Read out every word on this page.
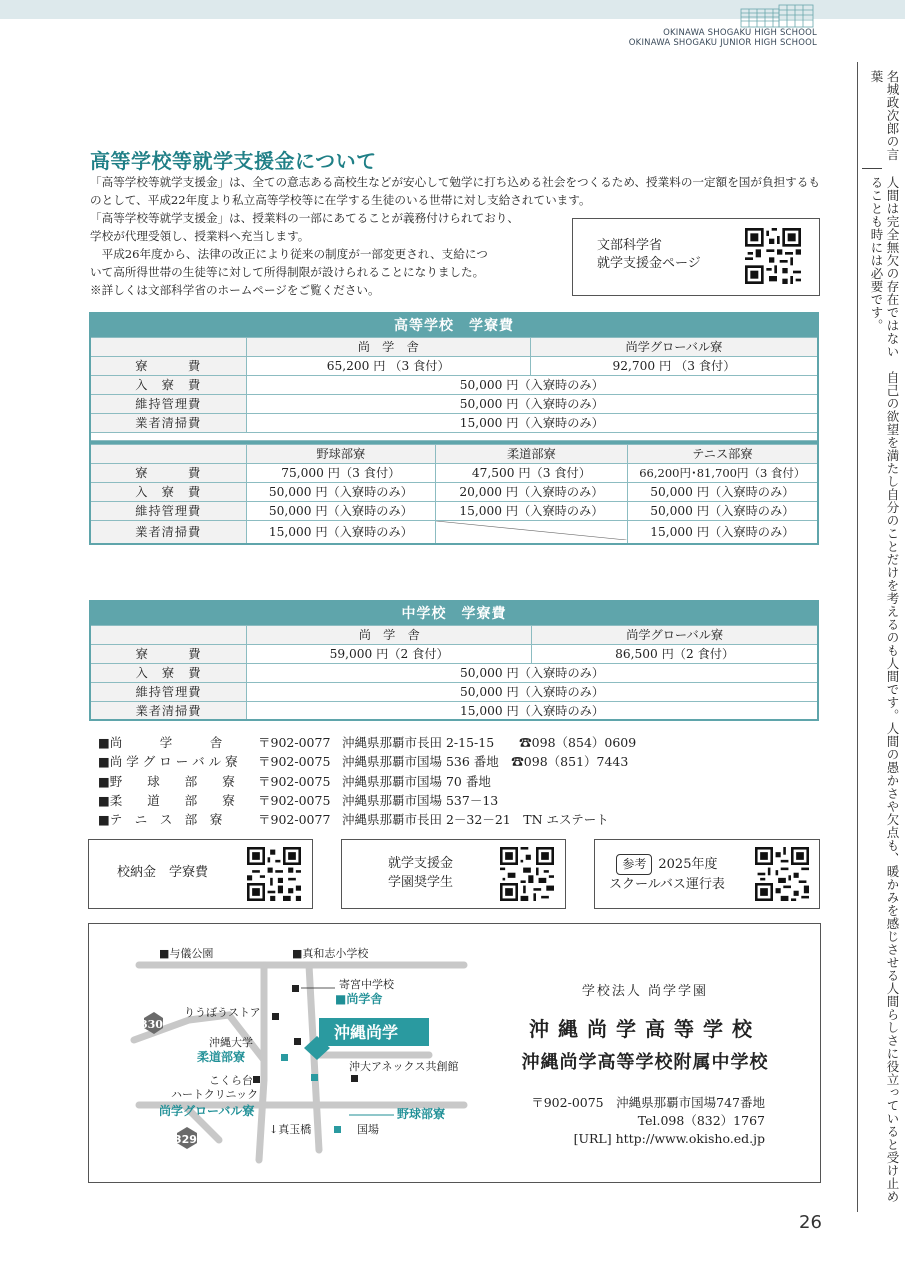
OKINAWA SHOGAKU HIGH SCHOOL
OKINAWA SHOGAKU JUNIOR HIGH SCHOOL
名城政次郎の言葉
人間は完全無欠の存在ではない　自己の欲望を満たし自分のことだけを考えるのも人間です。人間の愚かさや欠点も、暖かみを感じさせる人間らしさに役立っていると受け止めることも時には必要です。
高等学校等就学支援金について
「高等学校等就学支援金」は、全ての意志ある高校生などが安心して勉学に打ち込める社会をつくるため、授業料の一定額を国が負担するものとして、平成22年度より私立高等学校等に在学する生徒のいる世帯に対し支給されています。
「高等学校等就学支援金」は、授業料の一部にあてることが義務付けられており、
学校が代理受領し、授業料へ充当します。
　平成26年度から、法律の改正により従来の制度が一部変更され、支給につ
いて高所得世帯の生徒等に対して所得制限が設けられることになりました。
※詳しくは文部科学省のホームページをご覧ください。
文部科学省
就学支援金ページ
高等学校　学寮費				
	尚　学　舎		尚学グローバル寮	
寮　　　費	65,200 円 （3 食付）		92,700 円 （3 食付）	
入　寮　費	50,000 円（入寮時のみ）			
維持管理費	50,000 円（入寮時のみ）			
業者清掃費	15,000 円（入寮時のみ）			

	野球部寮	柔道部寮		テニス部寮
寮　　　費	75,000 円（3 食付）	47,500 円（3 食付）		66,200円･81,700円（3 食付）
入　寮　費	50,000 円（入寮時のみ）	20,000 円（入寮時のみ）		50,000 円（入寮時のみ）
維持管理費	50,000 円（入寮時のみ）	15,000 円（入寮時のみ）		50,000 円（入寮時のみ）
業者清掃費	15,000 円（入寮時のみ）			15,000 円（入寮時のみ）
中学校　学寮費		
	尚　学　舎	尚学グローバル寮
寮　　　費	59,000 円（2 食付）	86,500 円（2 食付）
入　寮　費	50,000 円（入寮時のみ）	
維持管理費	50,000 円（入寮時のみ）	
業者清掃費	15,000 円（入寮時のみ）	
■尚　　　学　　　舎	〒902-0077 沖縄県那覇市長田 2-15-15　　☎098（854）0609
■尚 学 グ ロ ー バ ル 寮 〒902-0075 沖縄県那覇市国場 536 番地　☎098（851）7443
■野　　球　　部　　寮 〒902-0075 沖縄県那覇市国場 70 番地
■柔　　道　　部　　寮 〒902-0075 沖縄県那覇市国場 537－13
■テ　ニ　ス　部　寮	〒902-0077 沖縄県那覇市長田 2－32－21　TN エステート
校納金　学寮費
就学支援金
学園奨学生
参考 2025年度
スクールバス運行表
330
329
■与儀公園	■真和志小学校
寄宮中学校
■尚学舎
りうぼうストア
沖縄尚学
沖縄大学
柔道部寮
沖大アネックス共創館
こくら台
ハートクリニック
尚学グローバル寮
↓真玉橋	国場
野球部寮
学校法人 尚学学園
沖縄尚学高等学校
沖縄尚学高等学校附属中学校
〒902-0075　沖縄県那覇市国場747番地
Tel.098（832）1767
[URL] http://www.okisho.ed.jp
26
